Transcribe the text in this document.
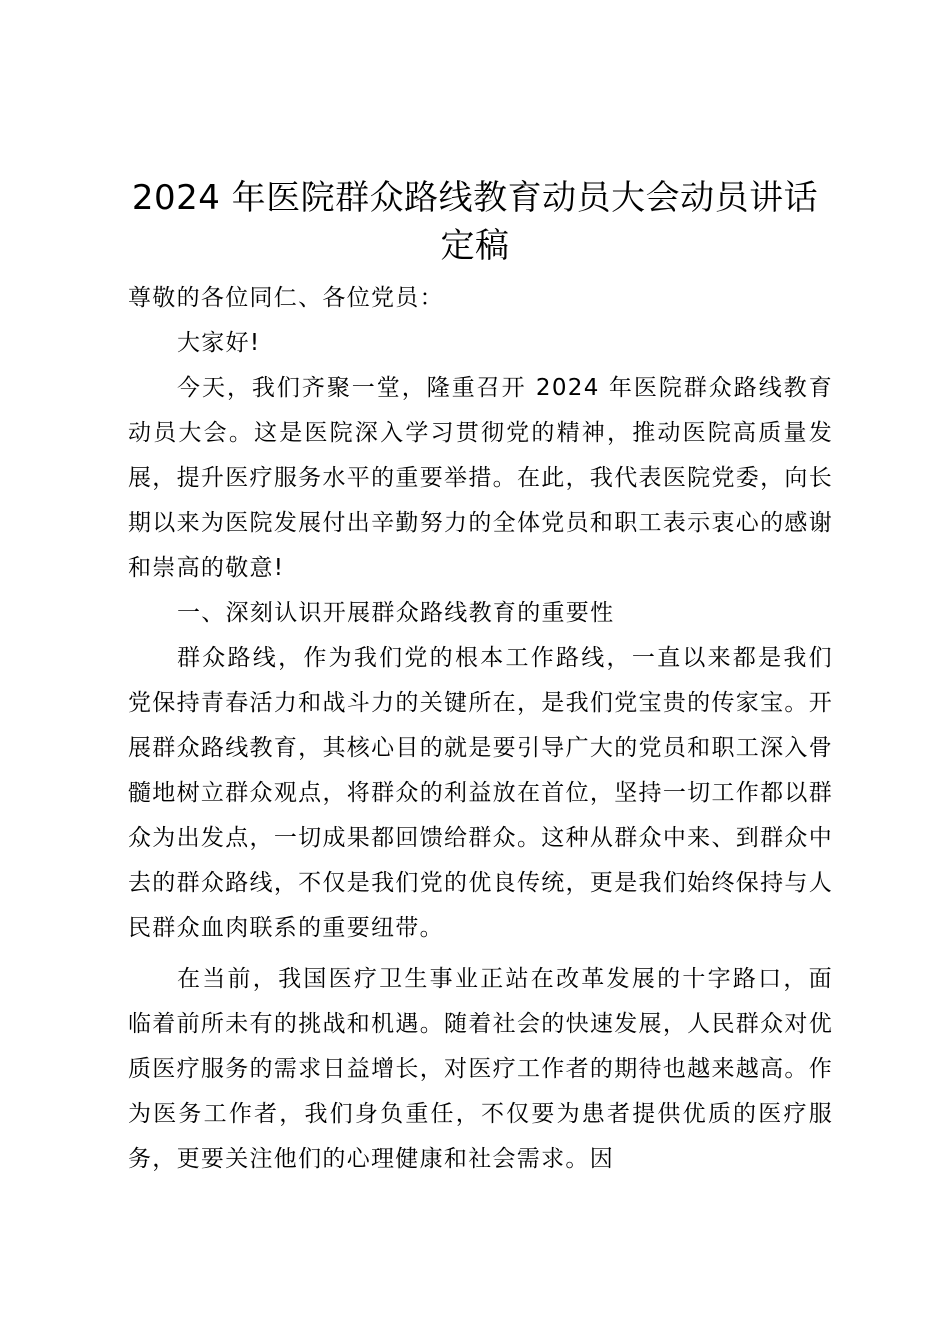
2024 年医院群众路线教育动员大会动员讲话
定稿

尊敬的各位同仁、各位党员：

大家好!

今天，我们齐聚一堂，隆重召开 2024 年医院群众路线教育动员大会。这是医院深入学习贯彻党的精神，推动医院高质量发展，提升医疗服务水平的重要举措。在此，我代表医院党委，向长期以来为医院发展付出辛勤努力的全体党员和职工表示衷心的感谢和崇高的敬意!

一、深刻认识开展群众路线教育的重要性

群众路线，作为我们党的根本工作路线，一直以来都是我们党保持青春活力和战斗力的关键所在，是我们党宝贵的传家宝。开展群众路线教育，其核心目的就是要引导广大的党员和职工深入骨髓地树立群众观点，将群众的利益放在首位，坚持一切工作都以群众为出发点，一切成果都回馈给群众。这种从群众中来、到群众中去的群众路线，不仅是我们党的优良传统，更是我们始终保持与人民群众血肉联系的重要纽带。

在当前，我国医疗卫生事业正站在改革发展的十字路口，面临着前所未有的挑战和机遇。随着社会的快速发展，人民群众对优质医疗服务的需求日益增长，对医疗工作者的期待也越来越高。作为医务工作者，我们身负重任，不仅要为患者提供优质的医疗服务，更要关注他们的心理健康和社会需求。因
